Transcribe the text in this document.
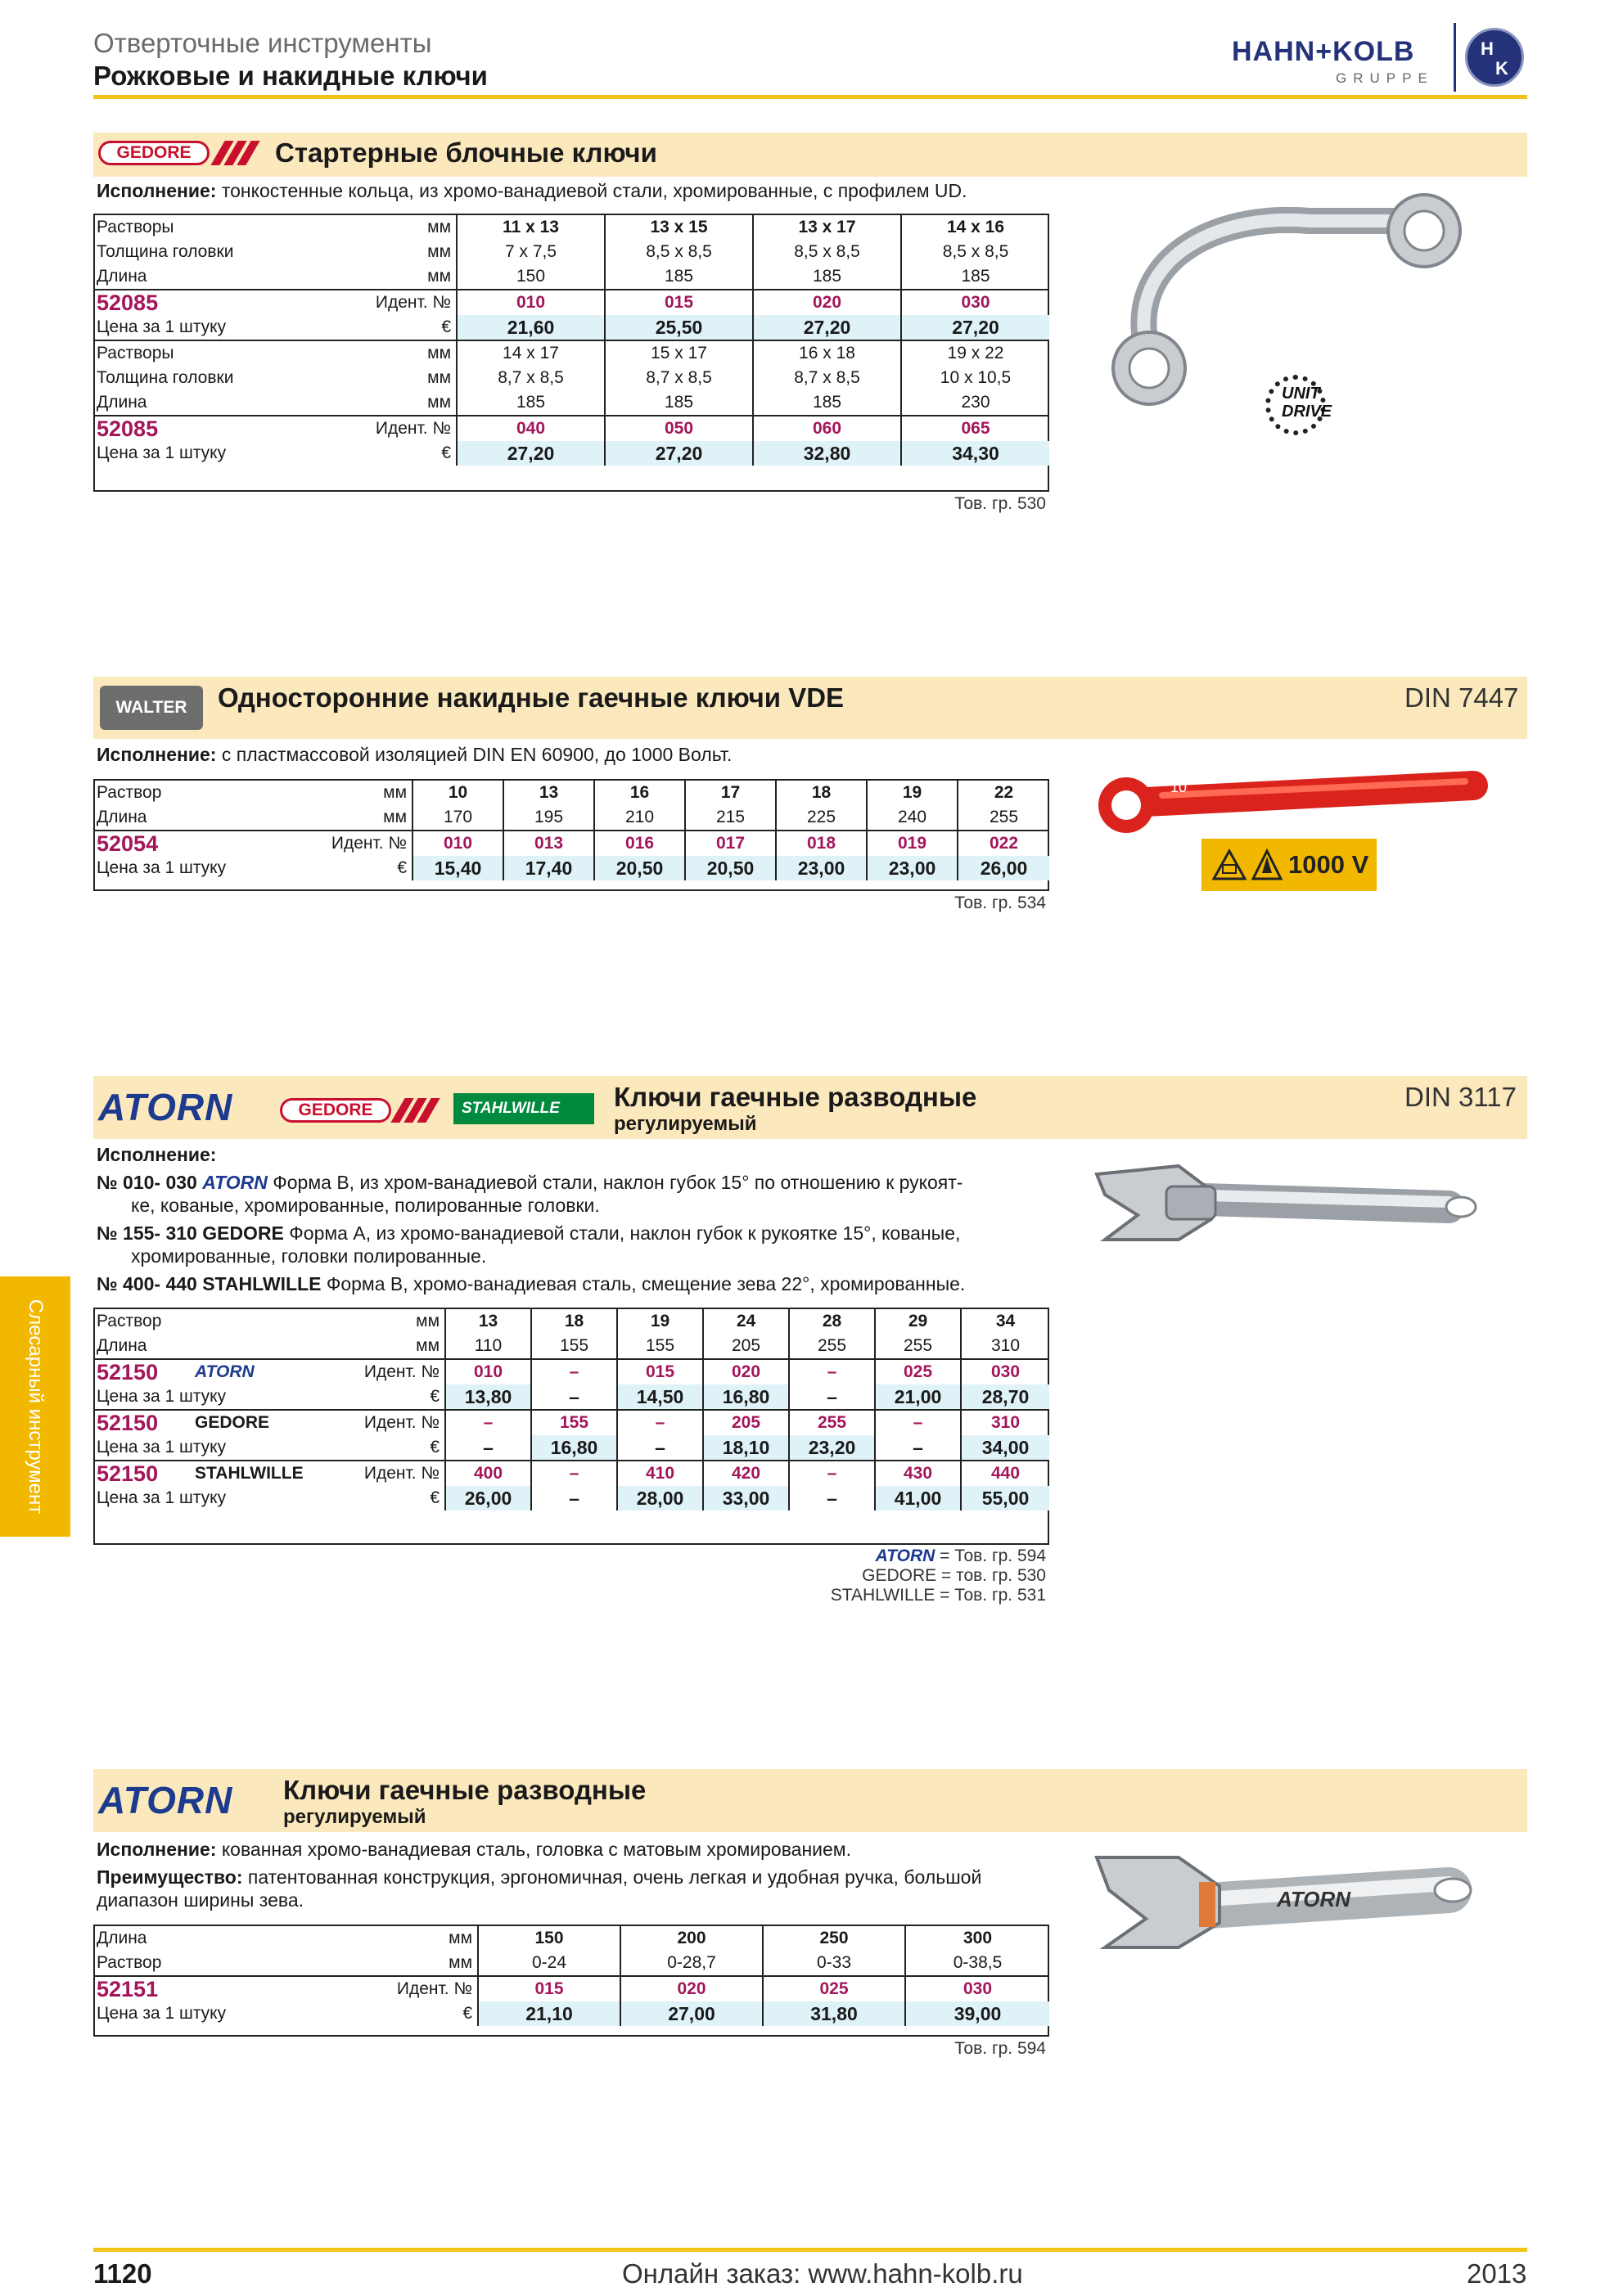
Отверточные инструменты
Рожковые и накидные ключи
HAHN+KOLB
GRUPPE
H
K
Слесарный инструмент
GEDORE	Стартерные блочные ключи
Исполнение: тонкостенные кольца, из хромо-ванадиевой стали, хромированные, с профилем UD.
Растворы	мм	11 x 13	13 x 15	13 x 17	14 x 16
Толщина головки	мм	7 x 7,5	8,5 x 8,5	8,5 x 8,5	8,5 x 8,5
Длина	мм	150	185	185	185
52085	Идент. №	010	015	020	030
Цена за 1 штуку	€	21,60	25,50	27,20	27,20
Растворы	мм	14 x 17	15 x 17	16 x 18	19 x 22
Толщина головки	мм	8,7 x 8,5	8,7 x 8,5	8,7 x 8,5	10 x 10,5
Длина	мм	185	185	185	230
52085	Идент. №	040	050	060	065
Цена за 1 штуку	€	27,20	27,20	32,80	34,30
UNIT
DRIVE
Тов. гр. 530
WALTER	Односторонние накидные гаечные ключи VDE	DIN 7447
Исполнение: с пластмассовой изоляцией DIN EN 60900, до 1000 Вольт.
Раствор	мм	10	13	16	17	18	19	22
Длина	мм	170	195	210	215	225	240	255
52054	Идент. №	010	013	016	017	018	019	022
Цена за 1 штуку	€	15,40	17,40	20,50	20,50	23,00	23,00	26,00
10
1000 V
Тов. гр. 534
ATORN	GEDORE	STAHLWILLE	Ключи гаечные разводные
регулируемый
DIN 3117
Исполнение:
№ 010- 030 ATORN Форма В, из хром-ванадиевой стали, наклон губок 15° по отношению к рукоят-
ке, кованые, хромированные, полированные головки.
№ 155- 310 GEDORE Форма А, из хромо-ванадиевой стали, наклон губок к рукоятке 15°, кованые,
хромированные, головки полированные.
№ 400- 440 STAHLWILLE Форма В, хромо-ванадиевая сталь, смещение зева 22°, хромированные.
Раствор		мм	13	18	19	24	28	29	34
Длина		мм	110	155	155	205	255	255	310
52150	ATORN	Идент. №	010	–	015	020	–	025	030
Цена за 1 штуку		€	13,80	–	14,50	16,80	–	21,00	28,70
52150	GEDORE	Идент. №	–	155	–	205	255	–	310
Цена за 1 штуку		€	–	16,80	–	18,10	23,20	–	34,00
52150	STAHLWILLE	Идент. №	400	–	410	420	–	430	440
Цена за 1 штуку		€	26,00	–	28,00	33,00	–	41,00	55,00
ATORN = Тов. гр. 594
GEDORE = тов. гр. 530
STAHLWILLE = Тов. гр. 531
ATORN Ключи гаечные разводные
регулируемый
Исполнение: кованная хромо-ванадиевая сталь, головка с матовым хромированием.
Преимущество: патентованная конструкция, эргономичная, очень легкая и удобная ручка, большой
диапазон ширины зева.
Длина	мм	150	200	250	300
Раствор	мм	0-24	0-28,7	0-33	0-38,5
52151	Идент. №	015	020	025	030
Цена за 1 штуку	€	21,10	27,00	31,80	39,00
ATORN
Тов. гр. 594
1120	Онлайн заказ: www.hahn-kolb.ru	2013
